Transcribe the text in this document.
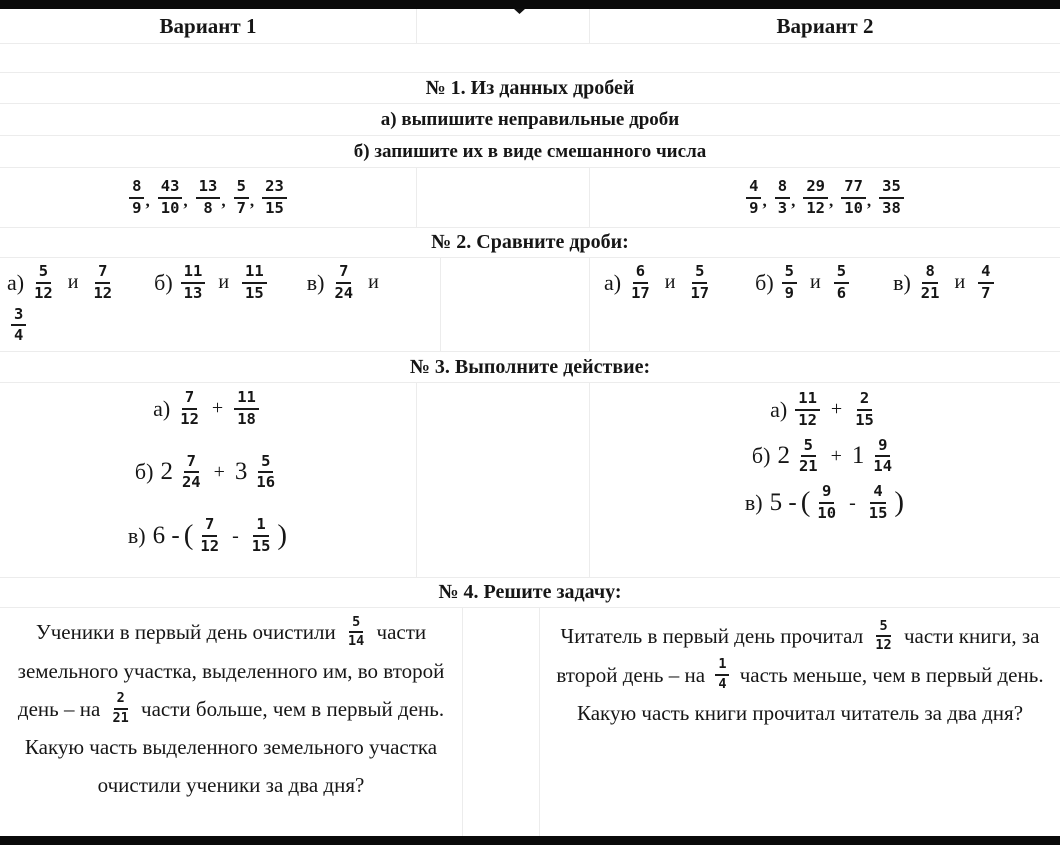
Вариант 1	Вариант 2
№ 1. Из данных дробей
а) выпишите неправильные дроби
б) запишите их в виде смешанного числа
$\frac{8}{9}$ , $\frac{43}{10}$ , $\frac{13}{8}$ , $\frac{5}{7}$ , $\frac{23}{15}$	$\frac{4}{9}$ , $\frac{8}{3}$ , $\frac{29}{12}$ , $\frac{77}{10}$ , $\frac{35}{38}$
№ 2. Сравните дроби:
$а) \frac{5}{12}$ и $\frac{7}{12} б) \frac{11}{13}$ и $\frac{11}{15} в) \frac{7}{24}$ и
$\frac{3}{4}$
$а) \frac{6}{17}$ и $\frac{5}{17} б) \frac{5}{9}$ и $\frac{5}{6} в) \frac{8}{21}$ и $\frac{4}{7}$
№ 3. Выполните действие:
$а) \frac{7}{12} + \frac{11}{18}$
б) $2 \frac{7}{24} + 3 \frac{5}{16}$
в) 6 - ( $\frac{7}{12} - \frac{1}{15}$ )
$а) \frac{11}{12} + \frac{2}{15}$
б) $2 \frac{5}{21} + 1 \frac{9}{14}$
в) 5 - ( $\frac{9}{10} - \frac{4}{15}$ )
№ 4. Решите задачу:
Ученики в первый день очистили $\frac{5}{14}$ части земельного участка, выделенного им, во второй день – на $\frac{2}{21}$ части больше, чем в первый день. Какую часть выделенного земельного участка очистили ученики за два дня?
Читатель в первый день прочитал $\frac{5}{12}$ части книги, за второй день – на $\frac{1}{4}$ часть меньше, чем в первый день. Какую часть книги прочитал читатель за два дня?
